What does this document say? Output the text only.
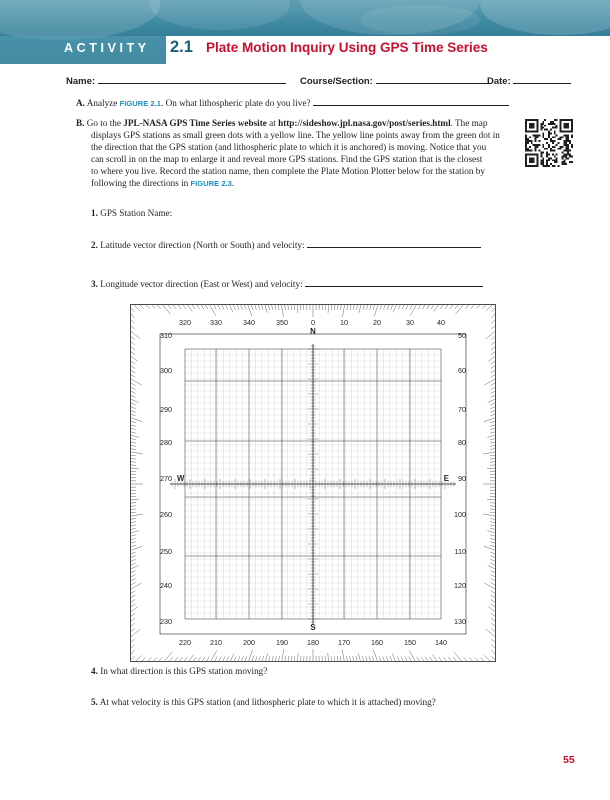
ACTIVITY 2.1 Plate Motion Inquiry Using GPS Time Series
Name:	Course/Section:	Date:
A. Analyze FIGURE 2.1. On what lithospheric plate do you live?
B. Go to the JPL-NASA GPS Time Series website at http://sideshow.jpl.nasa.gov/post/series.html. The map
displays GPS stations as small green dots with a yellow line. The yellow line points away from the green dot in
the direction that the GPS station (and lithospheric plate to which it is anchored) is moving. Notice that you
can scroll in on the map to enlarge it and reveal more GPS stations. Find the GPS station that is the closest
to where you live. Record the station name, then complete the Plate Motion Plotter below for the station by
following the directions in FIGURE 2.3.
1. GPS Station Name:
2. Latitude vector direction (North or South) and velocity:
3. Longitude vector direction (East or West) and velocity:
320	330	340	350	0	10	20	30	40
220	210	200	190	180	170	160	150	140
310
300
290
280
270
260
250
240
230
50
60
70
80
90
100
110
120
130
N
S
W	E
4. In what direction is this GPS station moving?
5. At what velocity is this GPS station (and lithospheric plate to which it is attached) moving?
55
